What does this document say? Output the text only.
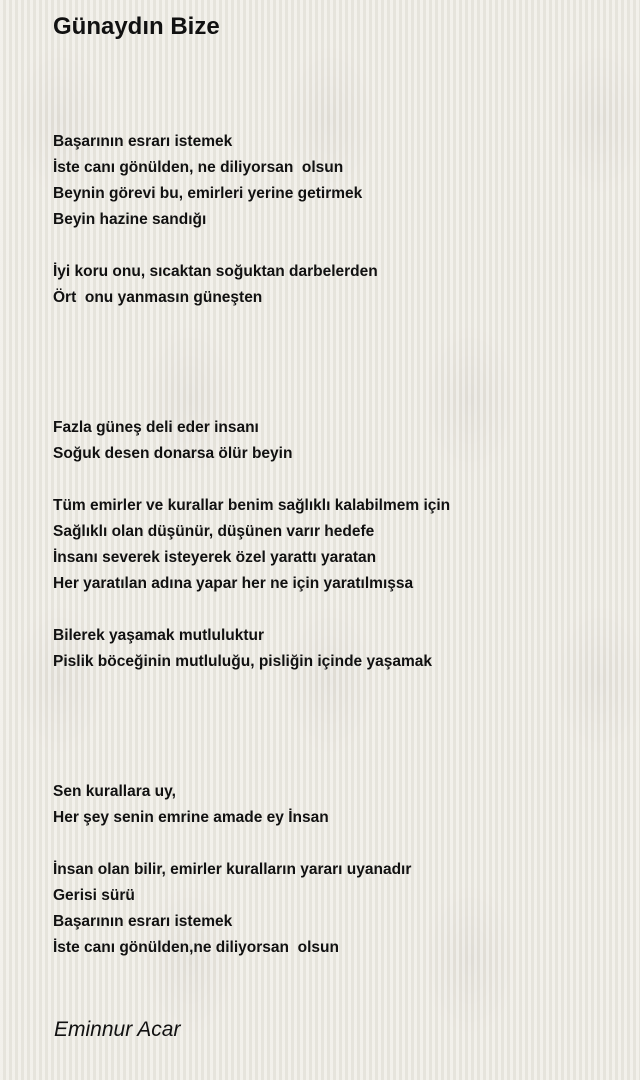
Günaydın Bize
Başarının esrarı istemek
İste canı gönülden, ne diliyorsan  olsun
Beynin görevi bu, emirleri yerine getirmek
Beyin hazine sandığı
İyi koru onu, sıcaktan soğuktan darbelerden
Ört  onu yanmasın güneşten
Fazla güneş deli eder insanı
Soğuk desen donarsa ölür beyin
Tüm emirler ve kurallar benim sağlıklı kalabilmem için
Sağlıklı olan düşünür, düşünen varır hedefe
İnsanı severek isteyerek özel yarattı yaratan
Her yaratılan adına yapar her ne için yaratılmışsa
Bilerek yaşamak mutluluktur
Pislik böceğinin mutluluğu, pisliğin içinde yaşamak
Sen kurallara uy,
Her şey senin emrine amade ey İnsan
İnsan olan bilir, emirler kuralların yararı uyanadır
Gerisi sürü
Başarının esrarı istemek
İste canı gönülden,ne diliyorsan  olsun
Eminnur Acar
